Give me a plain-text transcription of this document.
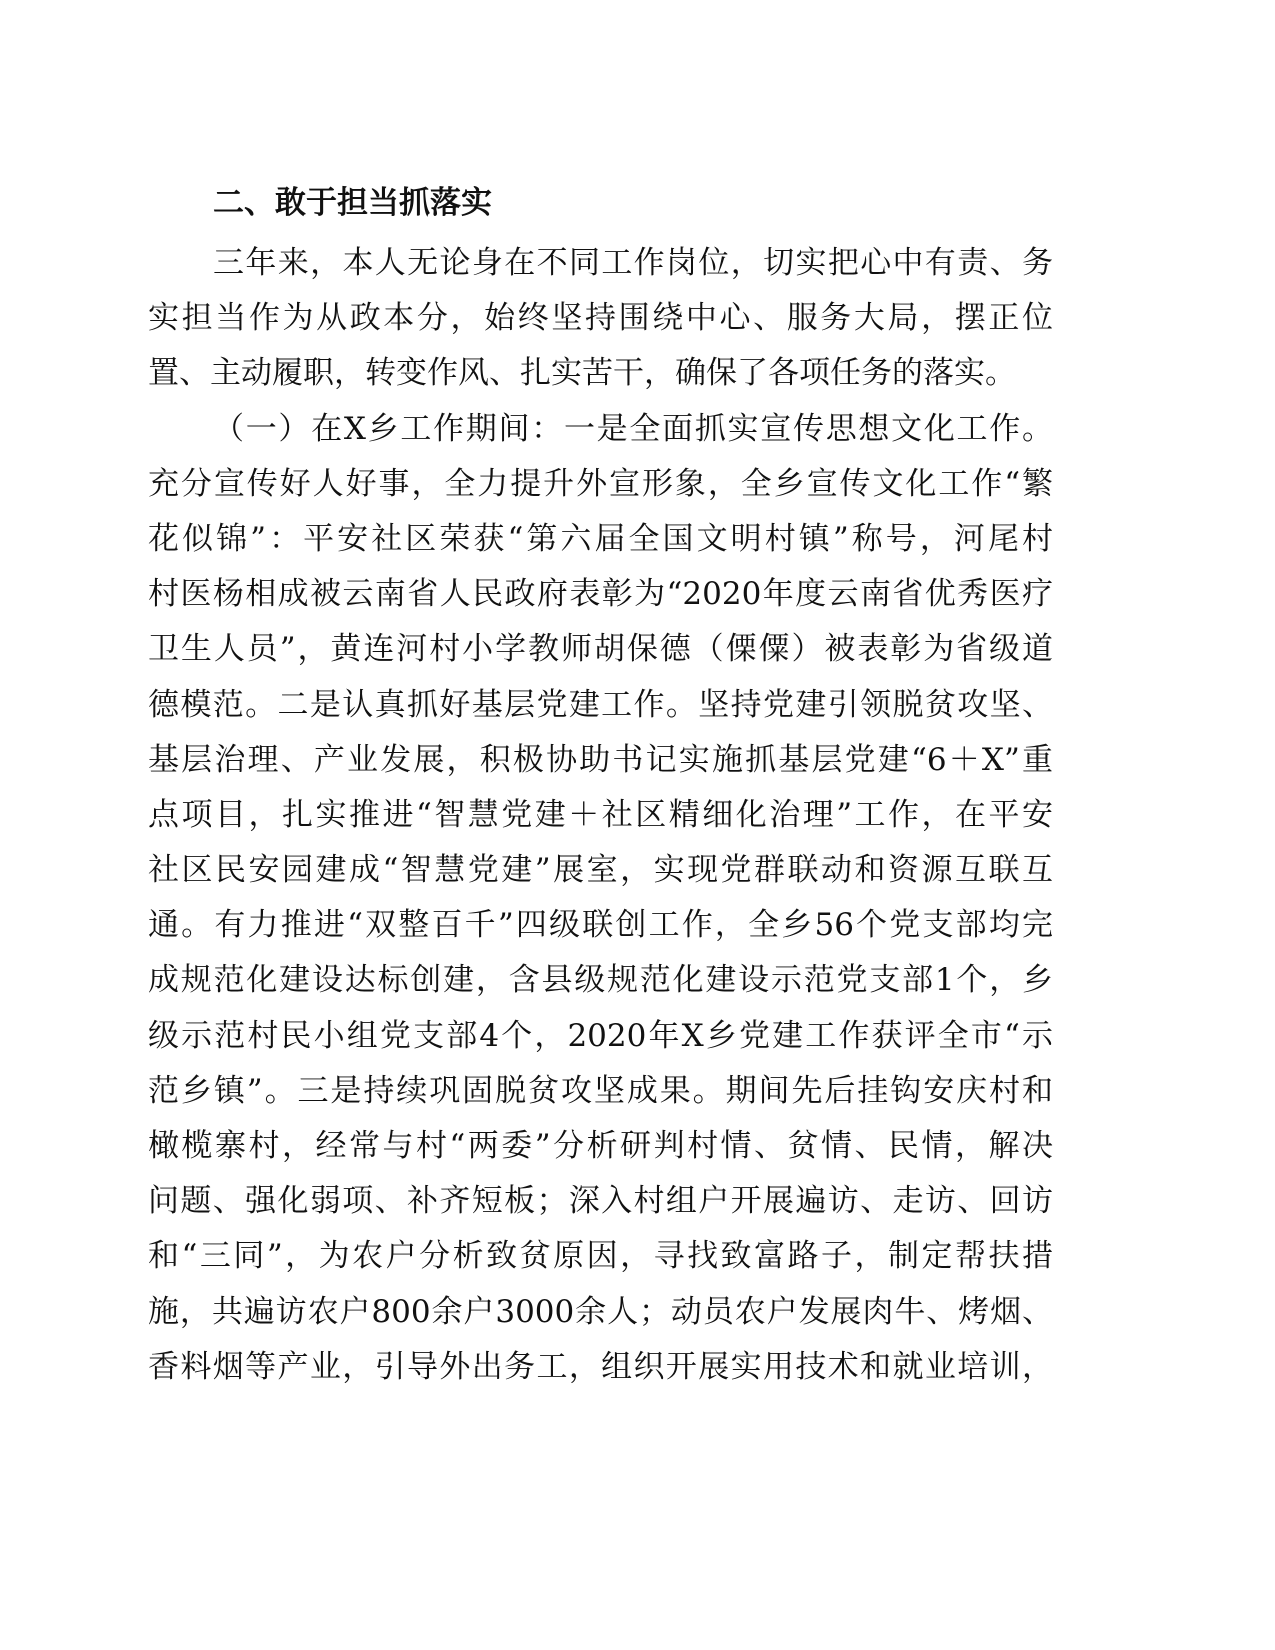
二、敢于担当抓落实
三年来，本人无论身在不同工作岗位，切实把心中有责、务
实担当作为从政本分，始终坚持围绕中心、服务大局，摆正位
置、主动履职，转变作风、扎实苦干，确保了各项任务的落实。
（一）在X乡工作期间：一是全面抓实宣传思想文化工作。
充分宣传好人好事，全力提升外宣形象，全乡宣传文化工作“繁
花似锦”：平安社区荣获“第六届全国文明村镇”称号，河尾村
村医杨相成被云南省人民政府表彰为“2020年度云南省优秀医疗
卫生人员”，黄连河村小学教师胡保德（傈僳）被表彰为省级道
德模范。二是认真抓好基层党建工作。坚持党建引领脱贫攻坚、
基层治理、产业发展，积极协助书记实施抓基层党建“6＋X”重
点项目，扎实推进“智慧党建＋社区精细化治理”工作，在平安
社区民安园建成“智慧党建”展室，实现党群联动和资源互联互
通。有力推进“双整百千”四级联创工作，全乡56个党支部均完
成规范化建设达标创建，含县级规范化建设示范党支部1个，乡
级示范村民小组党支部4个，2020年X乡党建工作获评全市“示
范乡镇”。三是持续巩固脱贫攻坚成果。期间先后挂钩安庆村和
橄榄寨村，经常与村“两委”分析研判村情、贫情、民情，解决
问题、强化弱项、补齐短板；深入村组户开展遍访、走访、回访
和“三同”，为农户分析致贫原因，寻找致富路子，制定帮扶措
施，共遍访农户800余户3000余人；动员农户发展肉牛、烤烟、
香料烟等产业，引导外出务工，组织开展实用技术和就业培训，
